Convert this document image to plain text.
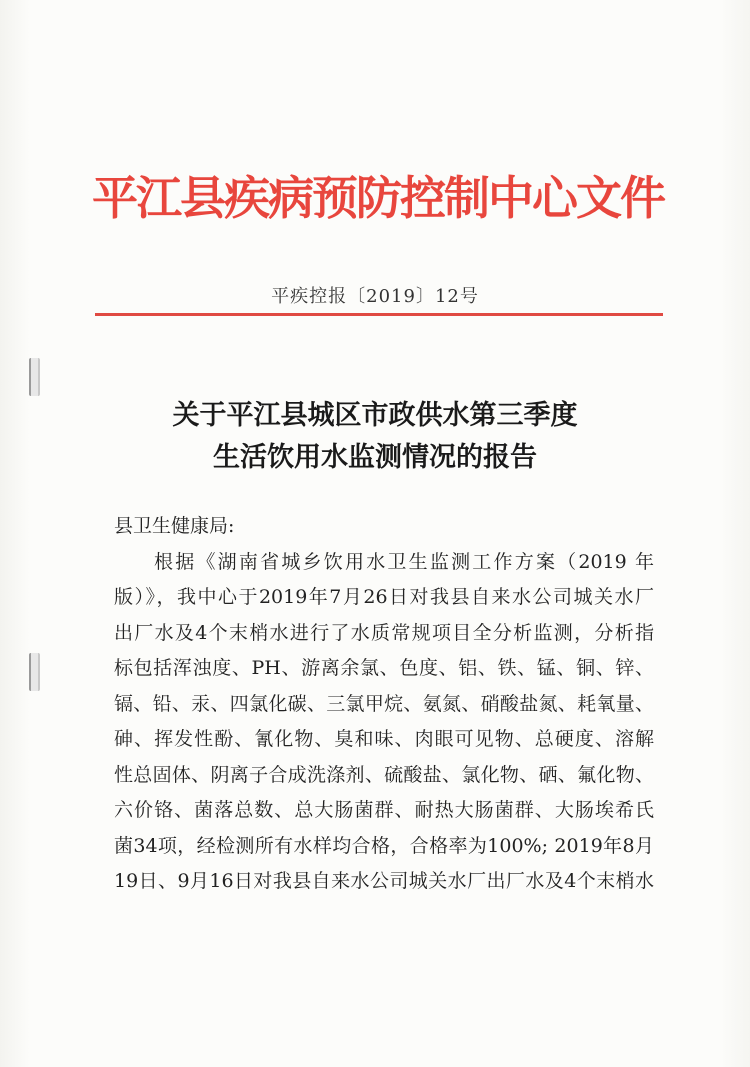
平江县疾病预防控制中心文件
平疾控报〔2019〕12号
关于平江县城区市政供水第三季度
生活饮用水监测情况的报告
县卫生健康局:
根据《湖南省城乡饮用水卫生监测工作方案（2019 年
版）》，我中心于2019年7月26日对我县自来水公司城关水厂
出厂水及4个末梢水进行了水质常规项目全分析监测，分析指
标包括浑浊度、PH、游离余氯、色度、铝、铁、锰、铜、锌、
镉、铅、汞、四氯化碳、三氯甲烷、氨氮、硝酸盐氮、耗氧量、
砷、挥发性酚、氰化物、臭和味、肉眼可见物、总硬度、溶解
性总固体、阴离子合成洗涤剂、硫酸盐、氯化物、硒、氟化物、
六价铬、菌落总数、总大肠菌群、耐热大肠菌群、大肠埃希氏
菌34项，经检测所有水样均合格，合格率为100%; 2019年8月
19日、9月16日对我县自来水公司城关水厂出厂水及4个末梢水
